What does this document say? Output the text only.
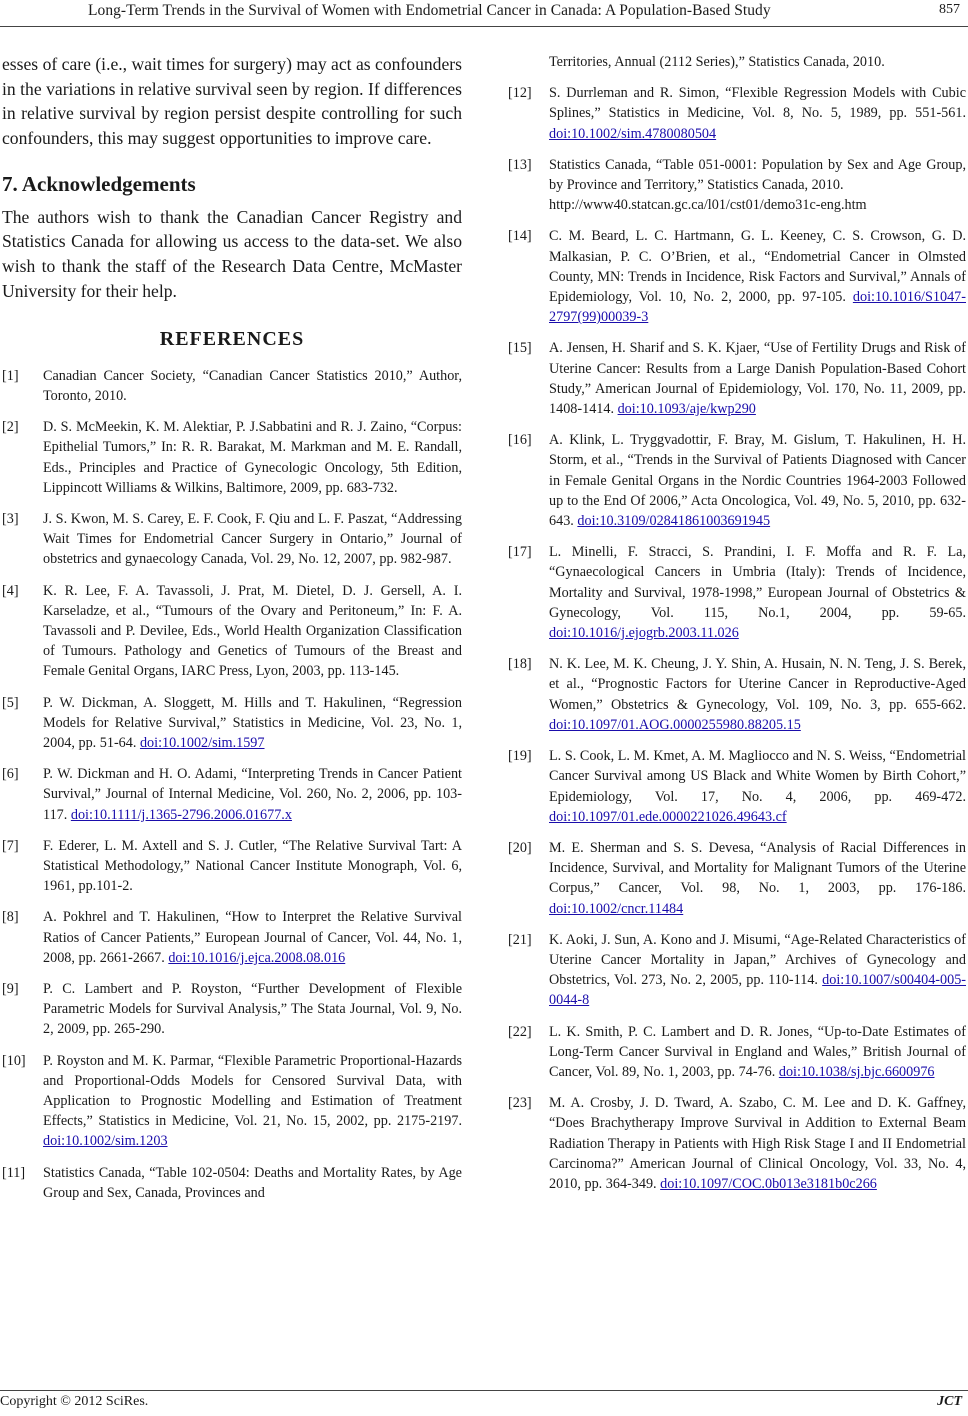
Long-Term Trends in the Survival of Women with Endometrial Cancer in Canada: A Population-Based Study	857

esses of care (i.e., wait times for surgery) may act as confounders in the variations in relative survival seen by region. If differences in relative survival by region persist despite controlling for such confounders, this may suggest opportunities to improve care.

7. Acknowledgements

The authors wish to thank the Canadian Cancer Registry and Statistics Canada for allowing us access to the data-set. We also wish to thank the staff of the Research Data Centre, McMaster University for their help.

REFERENCES
[1]	Canadian Cancer Society, “Canadian Cancer Statistics 2010,” Author, Toronto, 2010.
[2]	D. S. McMeekin, K. M. Alektiar, P. J.Sabbatini and R. J. Zaino, “Corpus: Epithelial Tumors,” In: R. R. Barakat, M. Markman and M. E. Randall, Eds., Principles and Practice of Gynecologic Oncology, 5th Edition, Lippincott Williams & Wilkins, Baltimore, 2009, pp. 683-732.
[3]	J. S. Kwon, M. S. Carey, E. F. Cook, F. Qiu and L. F. Paszat, “Addressing Wait Times for Endometrial Cancer Surgery in Ontario,” Journal of obstetrics and gynaecology Canada, Vol. 29, No. 12, 2007, pp. 982-987.
[4]	K. R. Lee, F. A. Tavassoli, J. Prat, M. Dietel, D. J. Gersell, A. I. Karseladze, et al., “Tumours of the Ovary and Peritoneum,” In: F. A. Tavassoli and P. Devilee, Eds., World Health Organization Classification of Tumours. Pathology and Genetics of Tumours of the Breast and Female Genital Organs, IARC Press, Lyon, 2003, pp. 113-145.
[5]	P. W. Dickman, A. Sloggett, M. Hills and T. Hakulinen, “Regression Models for Relative Survival,” Statistics in Medicine, Vol. 23, No. 1, 2004, pp. 51-64. doi:10.1002/sim.1597
[6]	P. W. Dickman and H. O. Adami, “Interpreting Trends in Cancer Patient Survival,” Journal of Internal Medicine, Vol. 260, No. 2, 2006, pp. 103-117. doi:10.1111/j.1365-2796.2006.01677.x
[7]	F. Ederer, L. M. Axtell and S. J. Cutler, “The Relative Survival Tart: A Statistical Methodology,” National Cancer Institute Monograph, Vol. 6, 1961, pp.101-2.
[8]	A. Pokhrel and T. Hakulinen, “How to Interpret the Relative Survival Ratios of Cancer Patients,” European Journal of Cancer, Vol. 44, No. 1, 2008, pp. 2661-2667. doi:10.1016/j.ejca.2008.08.016
[9]	P. C. Lambert and P. Royston, “Further Development of Flexible Parametric Models for Survival Analysis,” The Stata Journal, Vol. 9, No. 2, 2009, pp. 265-290.
[10]	P. Royston and M. K. Parmar, “Flexible Parametric Proportional-Hazards and Proportional-Odds Models for Censored Survival Data, with Application to Prognostic Modelling and Estimation of Treatment Effects,” Statistics in Medicine, Vol. 21, No. 15, 2002, pp. 2175-2197. doi:10.1002/sim.1203
[11]	Statistics Canada, “Table 102-0504: Deaths and Mortality Rates, by Age Group and Sex, Canada, Provinces and
Territories, Annual (2112 Series),” Statistics Canada, 2010.
[12]	S. Durrleman and R. Simon, “Flexible Regression Models with Cubic Splines,” Statistics in Medicine, Vol. 8, No. 5, 1989, pp. 551-561. doi:10.1002/sim.4780080504
[13]	Statistics Canada, “Table 051-0001: Population by Sex and Age Group, by Province and Territory,” Statistics Canada, 2010.
http://www40.statcan.gc.ca/l01/cst01/demo31c-eng.htm
[14]	C. M. Beard, L. C. Hartmann, G. L. Keeney, C. S. Crowson, G. D. Malkasian, P. C. O’Brien, et al., “Endometrial Cancer in Olmsted County, MN: Trends in Incidence, Risk Factors and Survival,” Annals of Epidemiology, Vol. 10, No. 2, 2000, pp. 97-105. doi:10.1016/S1047-2797(99)00039-3
[15]	A. Jensen, H. Sharif and S. K. Kjaer, “Use of Fertility Drugs and Risk of Uterine Cancer: Results from a Large Danish Population-Based Cohort Study,” American Journal of Epidemiology, Vol. 170, No. 11, 2009, pp. 1408-1414. doi:10.1093/aje/kwp290
[16]	A. Klink, L. Tryggvadottir, F. Bray, M. Gislum, T. Hakulinen, H. H. Storm, et al., “Trends in the Survival of Patients Diagnosed with Cancer in Female Genital Organs in the Nordic Countries 1964-2003 Followed up to the End Of 2006,” Acta Oncologica, Vol. 49, No. 5, 2010, pp. 632-643. doi:10.3109/02841861003691945
[17]	L. Minelli, F. Stracci, S. Prandini, I. F. Moffa and R. F. La, “Gynaecological Cancers in Umbria (Italy): Trends of Incidence, Mortality and Survival, 1978-1998,” European Journal of Obstetrics & Gynecology, Vol. 115, No.1, 2004, pp. 59-65. doi:10.1016/j.ejogrb.2003.11.026
[18]	N. K. Lee, M. K. Cheung, J. Y. Shin, A. Husain, N. N. Teng, J. S. Berek, et al., “Prognostic Factors for Uterine Cancer in Reproductive-Aged Women,” Obstetrics & Gynecology, Vol. 109, No. 3, pp. 655-662. doi:10.1097/01.AOG.0000255980.88205.15
[19]	L. S. Cook, L. M. Kmet, A. M. Magliocco and N. S. Weiss, “Endometrial Cancer Survival among US Black and White Women by Birth Cohort,” Epidemiology, Vol. 17, No. 4, 2006, pp. 469-472. doi:10.1097/01.ede.0000221026.49643.cf
[20]	M. E. Sherman and S. S. Devesa, “Analysis of Racial Differences in Incidence, Survival, and Mortality for Malignant Tumors of the Uterine Corpus,” Cancer, Vol. 98, No. 1, 2003, pp. 176-186. doi:10.1002/cncr.11484
[21]	K. Aoki, J. Sun, A. Kono and J. Misumi, “Age-Related Characteristics of Uterine Cancer Mortality in Japan,” Archives of Gynecology and Obstetrics, Vol. 273, No. 2, 2005, pp. 110-114. doi:10.1007/s00404-005-0044-8
[22]	L. K. Smith, P. C. Lambert and D. R. Jones, “Up-to-Date Estimates of Long-Term Cancer Survival in England and Wales,” British Journal of Cancer, Vol. 89, No. 1, 2003, pp. 74-76. doi:10.1038/sj.bjc.6600976
[23]	M. A. Crosby, J. D. Tward, A. Szabo, C. M. Lee and D. K. Gaffney, “Does Brachytherapy Improve Survival in Addition to External Beam Radiation Therapy in Patients with High Risk Stage I and II Endometrial Carcinoma?” American Journal of Clinical Oncology, Vol. 33, No. 4, 2010, pp. 364-349. doi:10.1097/COC.0b013e3181b0c266
Copyright © 2012 SciRes.	JCT
